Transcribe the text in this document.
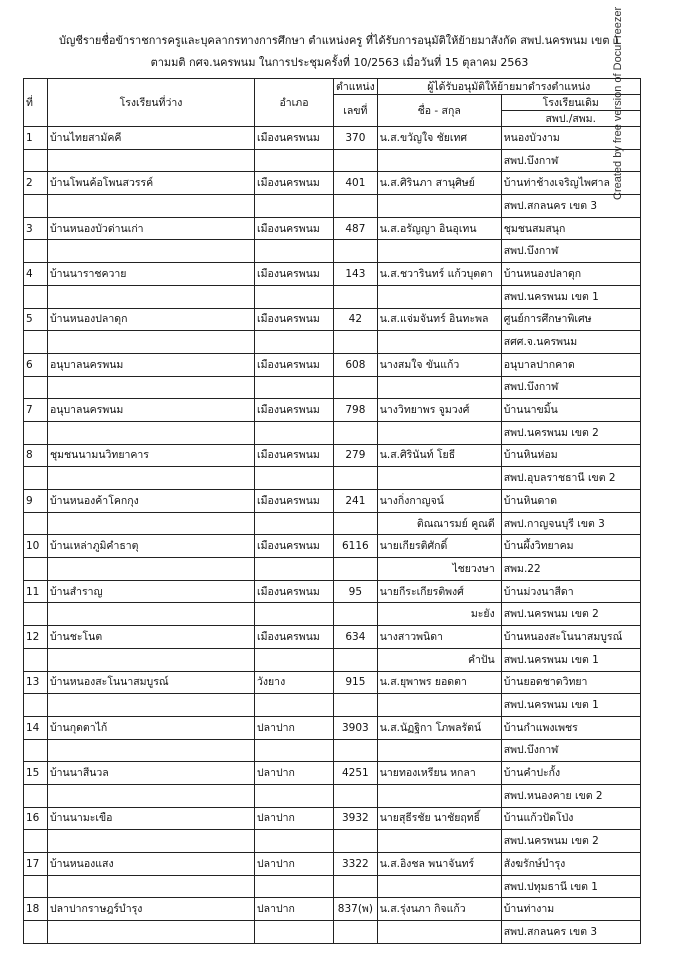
บัญชีรายชื่อข้าราชการครูและบุคลากรทางการศึกษา ตำแหน่งครู ที่ได้รับการอนุมัติให้ย้ายมาสังกัด สพป.นครพนม เขต 1
ตามมติ กศจ.นครพนม ในการประชุมครั้งที่ 10/2563 เมื่อวันที่ 15 ตุลาคม 2563	Created by free version of DocuFreezer
ที่	โรงเรียนที่ว่าง	อำเภอ	ตำแหน่ง	ผู้ได้รับอนุมัติให้ย้ายมาดำรงตำแหน่ง	
			เลขที่	ชื่อ - สกุล	โรงเรียนเดิม
					สพป./สพม.
1	บ้านไทยสามัคคี	เมืองนครพนม	370	น.ส.ขวัญใจ ชัยเทศ	หนองบัวงาม
					สพป.บึงกาฬ
2	บ้านโพนค้อโพนสวรรค์	เมืองนครพนม	401	น.ส.ศิรินภา สานุศิษย์	บ้านท่าช้างเจริญไพศาล
					สพป.สกลนคร เขต 3
3	บ้านหนองบัวด่านเก่า	เมืองนครพนม	487	น.ส.อรัญญา อินอุเทน	ชุมชนสมสนุก
					สพป.บึงกาฬ
4	บ้านนาราชควาย	เมืองนครพนม	143	น.ส.ชวารินทร์ แก้วบุตตา	บ้านหนองปลาดุก
					สพป.นครพนม เขต 1
5	บ้านหนองปลาดุก	เมืองนครพนม	42	น.ส.แจ่มจันทร์ อินทะพล	ศูนย์การศึกษาพิเศษ
					สศศ.จ.นครพนม
6	อนุบาลนครพนม	เมืองนครพนม	608	นางสมใจ ขันแก้ว	อนุบาลปากคาด
					สพป.บึงกาฬ
7	อนุบาลนครพนม	เมืองนครพนม	798	นางวิทยาพร จูมวงศ์	บ้านนาขมิ้น
					สพป.นครพนม เขต 2
8	ชุมชนนามนวิทยาคาร	เมืองนครพนม	279	น.ส.ศิรินันท์ โยธี	บ้านหินห่อม
					สพป.อุบลราชธานี เขต 2
9	บ้านหนองค้าโคกกุง	เมืองนครพนม	241	นางกิ่งกาญจน์	บ้านหินดาด
				ติณณารมย์ คูณดี	สพป.กาญจนบุรี เขต 3
10	บ้านเหล่าภูมิคำธาตุ	เมืองนครพนม	6116	นายเกียรติศักดิ์	บ้านผึ้งวิทยาคม
				ไชยวงษา	สพม.22
11	บ้านสำราญ	เมืองนครพนม	95	นายกีระเกียรติพงศ์	บ้านม่วงนาสีดา
				มะยัง	สพป.นครพนม เขต 2
12	บ้านชะโนต	เมืองนครพนม	634	นางสาวพนิดา	บ้านหนองสะโนนาสมบูรณ์
				คำปัน	สพป.นครพนม เขต 1
13	บ้านหนองสะโนนาสมบูรณ์	วังยาง	915	น.ส.ยุพาพร ยอดตา	บ้านยอดชาดวิทยา
					สพป.นครพนม เขต 1
14	บ้านกุดตาไก้	ปลาปาก	3903	น.ส.นัฏฐิกา โภพลรัตน์	บ้านกำแพงเพชร
					สพป.บึงกาฬ
15	บ้านนาสีนวล	ปลาปาก	4251	นายทองเหรียน หกลา	บ้านคำปะกั้ง
					สพป.หนองคาย เขต 2
16	บ้านนามะเขือ	ปลาปาก	3932	นายสุธีรชัย นาชัยฤทธิ์	บ้านแก้วปัดโป่ง
					สพป.นครพนม เขต 2
17	บ้านหนองแสง	ปลาปาก	3322	น.ส.อิงชล พนาจันทร์	สังฆรักษ์บำรุง
					สพป.ปทุมธานี เขต 1
18	ปลาปากราษฎร์บำรุง	ปลาปาก	837(พ)	น.ส.รุ่งนภา กิจแก้ว	บ้านท่างาม
					สพป.สกลนคร เขต 3
